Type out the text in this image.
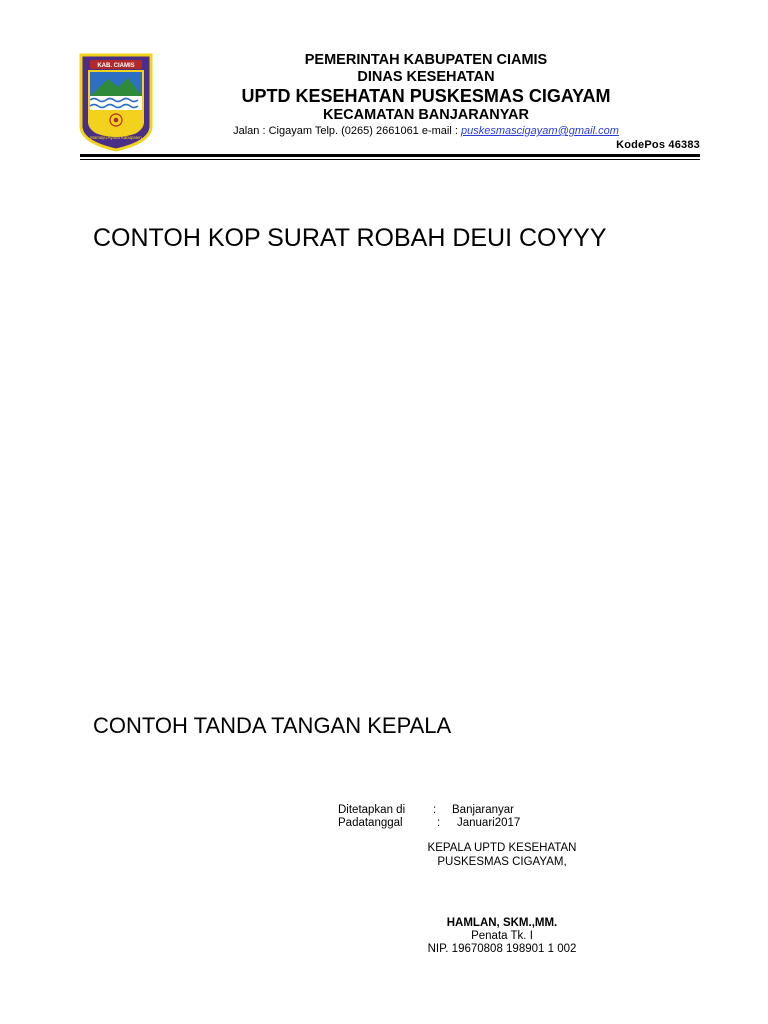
KAB. CIAMIS
Mamayu Ayuna Kabupaten
PEMERINTAH KABUPATEN CIAMIS
DINAS KESEHATAN
UPTD KESEHATAN PUSKESMAS CIGAYAM
KECAMATAN BANJARANYAR
Jalan : Cigayam Telp. (0265) 2661061 e-mail : puskesmascigayam@gmail.com
KodePos 46383
CONTOH KOP SURAT ROBAH DEUI COYYY
CONTOH TANDA TANGAN KEPALA
Ditetapkan di : Banjaranyar
Padatanggal	: Januari2017
KEPALA UPTD KESEHATAN
PUSKESMAS CIGAYAM,
HAMLAN, SKM.,MM.
Penata Tk. I
NIP. 19670808 198901 1 002
